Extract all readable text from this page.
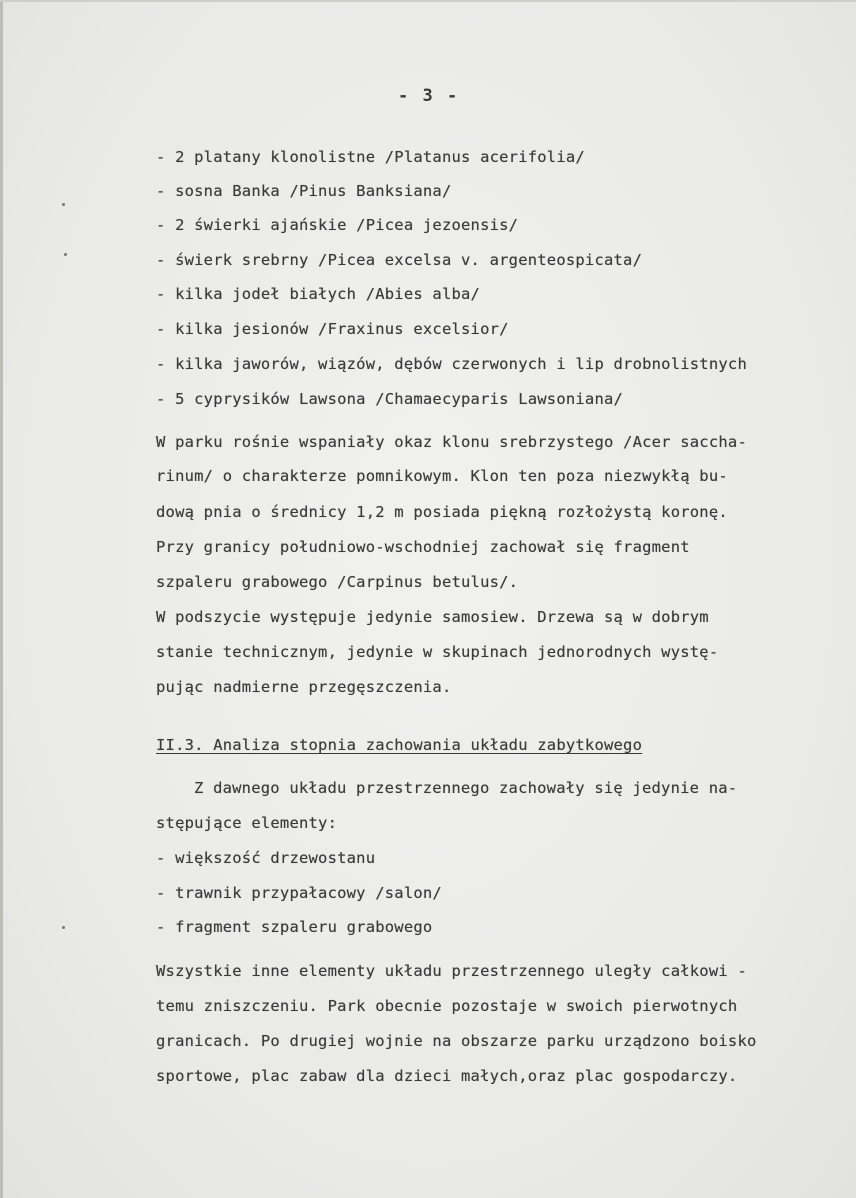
- 3 -
- 2 platany klonolistne /Platanus acerifolia/
- sosna Banka /Pinus Banksiana/
- 2 świerki ajańskie /Picea jezoensis/
- świerk srebrny /Picea excelsa v. argenteospicata/
- kilka jodeł białych /Abies alba/
- kilka jesionów /Fraxinus excelsior/
- kilka jaworów, wiązów, dębów czerwonych i lip drobnolistnych
- 5 cyprysików Lawsona /Chamaecyparis Lawsoniana/
W parku rośnie wspaniały okaz klonu srebrzystego /Acer saccha-
rinum/ o charakterze pomnikowym. Klon ten poza niezwykłą bu-
dową pnia o średnicy 1,2 m posiada piękną rozłożystą koronę.
Przy granicy południowo-wschodniej zachował się fragment
szpaleru grabowego /Carpinus betulus/.
W podszycie występuje jedynie samosiew. Drzewa są w dobrym
stanie technicznym, jedynie w skupinach jednorodnych wystę-
pując nadmierne przegęszczenia.
II.3. Analiza stopnia zachowania układu zabytkowego
Z dawnego układu przestrzennego zachowały się jedynie na-
stępujące elementy:
- większość drzewostanu
- trawnik przypałacowy /salon/
- fragment szpaleru grabowego
Wszystkie inne elementy układu przestrzennego uległy całkowi -
temu zniszczeniu. Park obecnie pozostaje w swoich pierwotnych
granicach. Po drugiej wojnie na obszarze parku urządzono boisko
sportowe, plac zabaw dla dzieci małych,oraz plac gospodarczy.
